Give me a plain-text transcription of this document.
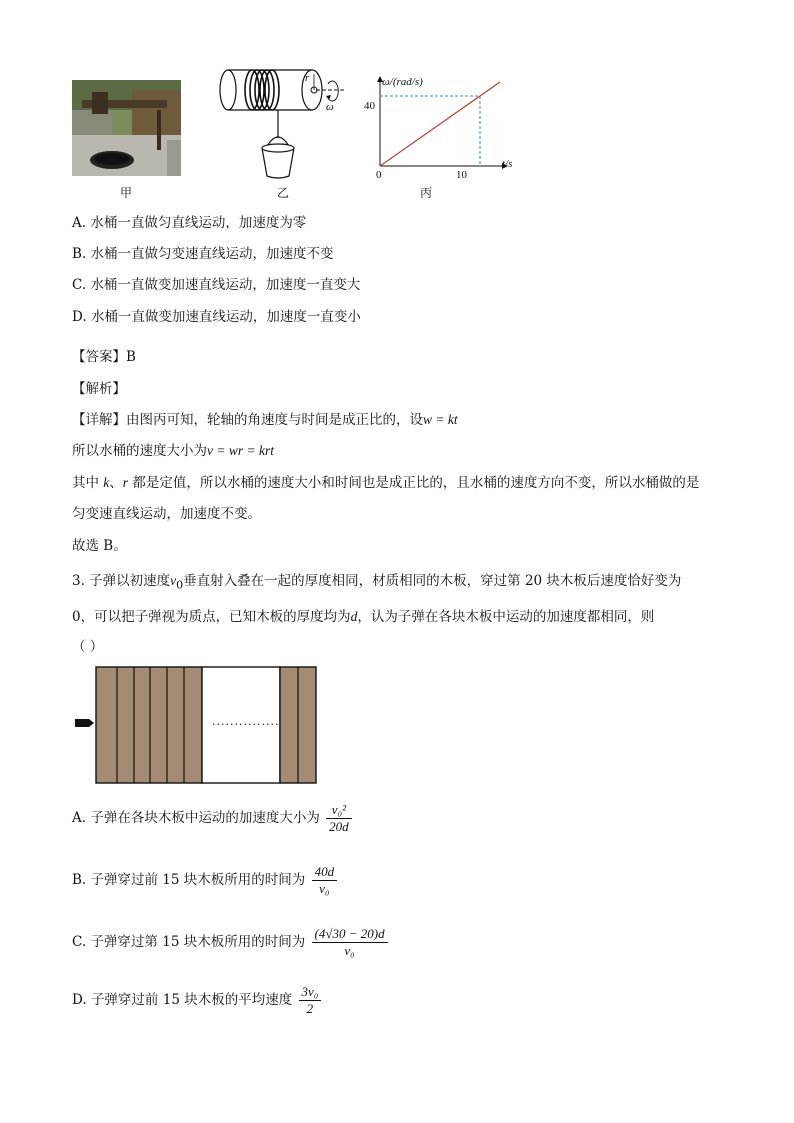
甲
r
ω
乙
ω/(rad/s)
t/s
0	10
40
丙
A. 水桶一直做匀直线运动，加速度为零
B. 水桶一直做匀变速直线运动，加速度不变
C. 水桶一直做变加速直线运动，加速度一直变大
D. 水桶一直做变加速直线运动，加速度一直变小
【答案】B
【解析】
【详解】由图丙可知，轮轴的角速度与时间是成正比的，设w = kt
所以水桶的速度大小为v = wr = krt
其中 k、r 都是定值，所以水桶的速度大小和时间也是成正比的，且水桶的速度方向不变，所以水桶做的是
匀变速直线运动，加速度不变。
故选 B。
3. 子弹以初速度$v_0$垂直射入叠在一起的厚度相同，材质相同的木板，穿过第 20 块木板后速度恰好变为
0，可以把子弹视为质点，已知木板的厚度均为d，认为子弹在各块木板中运动的加速度都相同，则
（ ）
···············
A. 子弹在各块木板中运动的加速度大小为 $\frac{\text{v₀²}}{20d}$
B. 子弹穿过前 15 块木板所用的时间为 $\frac{40d}{\text{v₀}}$
C. 子弹穿过第 15 块木板所用的时间为 $\frac{(4√30 - 20)d}{\text{v₀}}$
D. 子弹穿过前 15 块木板的平均速度 $\frac{\text{3v₀}}{2}$
